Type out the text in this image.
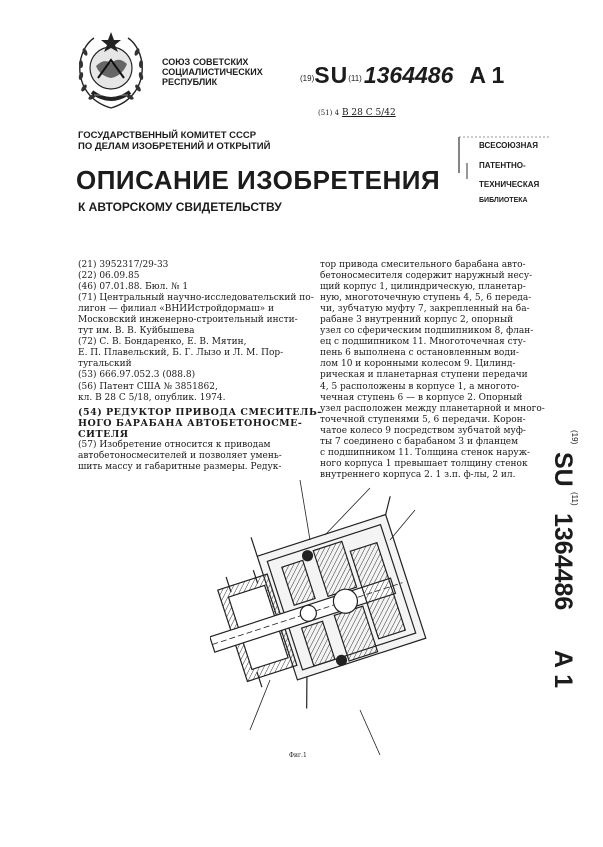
СОЮЗ СОВЕТСКИХ
СОЦИАЛИСТИЧЕСКИХ
РЕСПУБЛИК	(19)SU(11)1364486 A 1
(51) 4 B 28 C 5/42
ВСЕСОЮЗНАЯ
ПАТЕНТНО-
ТЕХНИЧЕСКАЯ
БИБЛИОТЕКА
ГОСУДАРСТВЕННЫЙ КОМИТЕТ СССР
ПО ДЕЛАМ ИЗОБРЕТЕНИЙ И ОТКРЫТИЙ
ОПИСАНИЕ ИЗОБРЕТЕНИЯ
К АВТОРСКОМУ СВИДЕТЕЛЬСТВУ
(21) 3952317/29-33
(22) 06.09.85
(46) 07.01.88. Бюл. № 1
(71) Центральный научно-исследовательский по-
лигон — филиал «ВНИИстройдормаш» и
Московский инженерно-строительный инсти-
тут им. В. В. Куйбышева
(72) С. В. Бондаренко, Е. В. Мятин,
Е. П. Плавельский, Б. Г. Лызо и Л. М. Пор-
тугальский
(53) 666.97.052.3 (088.8)
(56) Патент США № 3851862,
кл. В 28 С 5/18, опублик. 1974.
(54) РЕДУКТОР ПРИВОДА СМЕСИТЕЛЬ-
НОГО БАРАБАНА АВТОБЕТОНОСМЕ-
СИТЕЛЯ
(57) Изобретение относится к приводам
автобетоносмесителей и позволяет умень-
шить массу и габаритные размеры. Редук-
тор привода смесительного барабана авто-
бетоносмесителя содержит наружный несу-
щий корпус 1, цилиндрическую, планетар-
ную, многоточечную ступень 4, 5, 6 переда-
чи, зубчатую муфту 7, закрепленный на ба-
рабане 3 внутренний корпус 2, опорный
узел со сферическим подшипником 8, флан-
ец с подшипником 11. Многоточечная сту-
пень 6 выполнена с остановленным води-
лом 10 и коронными колесом 9. Цилинд-
рическая и планетарная ступени передачи
4, 5 расположены в корпусе 1, а многото-
чечная ступень 6 — в корпусе 2. Опорный
узел расположен между планетарной и много-
точечной ступенями 5, 6 передачи. Корон-
чатое колесо 9 посредством зубчатой муф-
ты 7 соединено с барабаном 3 и фланцем
с подшипником 11. Толщина стенок наруж-
ного корпуса 1 превышает толщину стенок
внутреннего корпуса 2. 1 з.п. ф-лы, 2 ил.
(19)
SU
(11)
1364486
A 1
Фиг.1
